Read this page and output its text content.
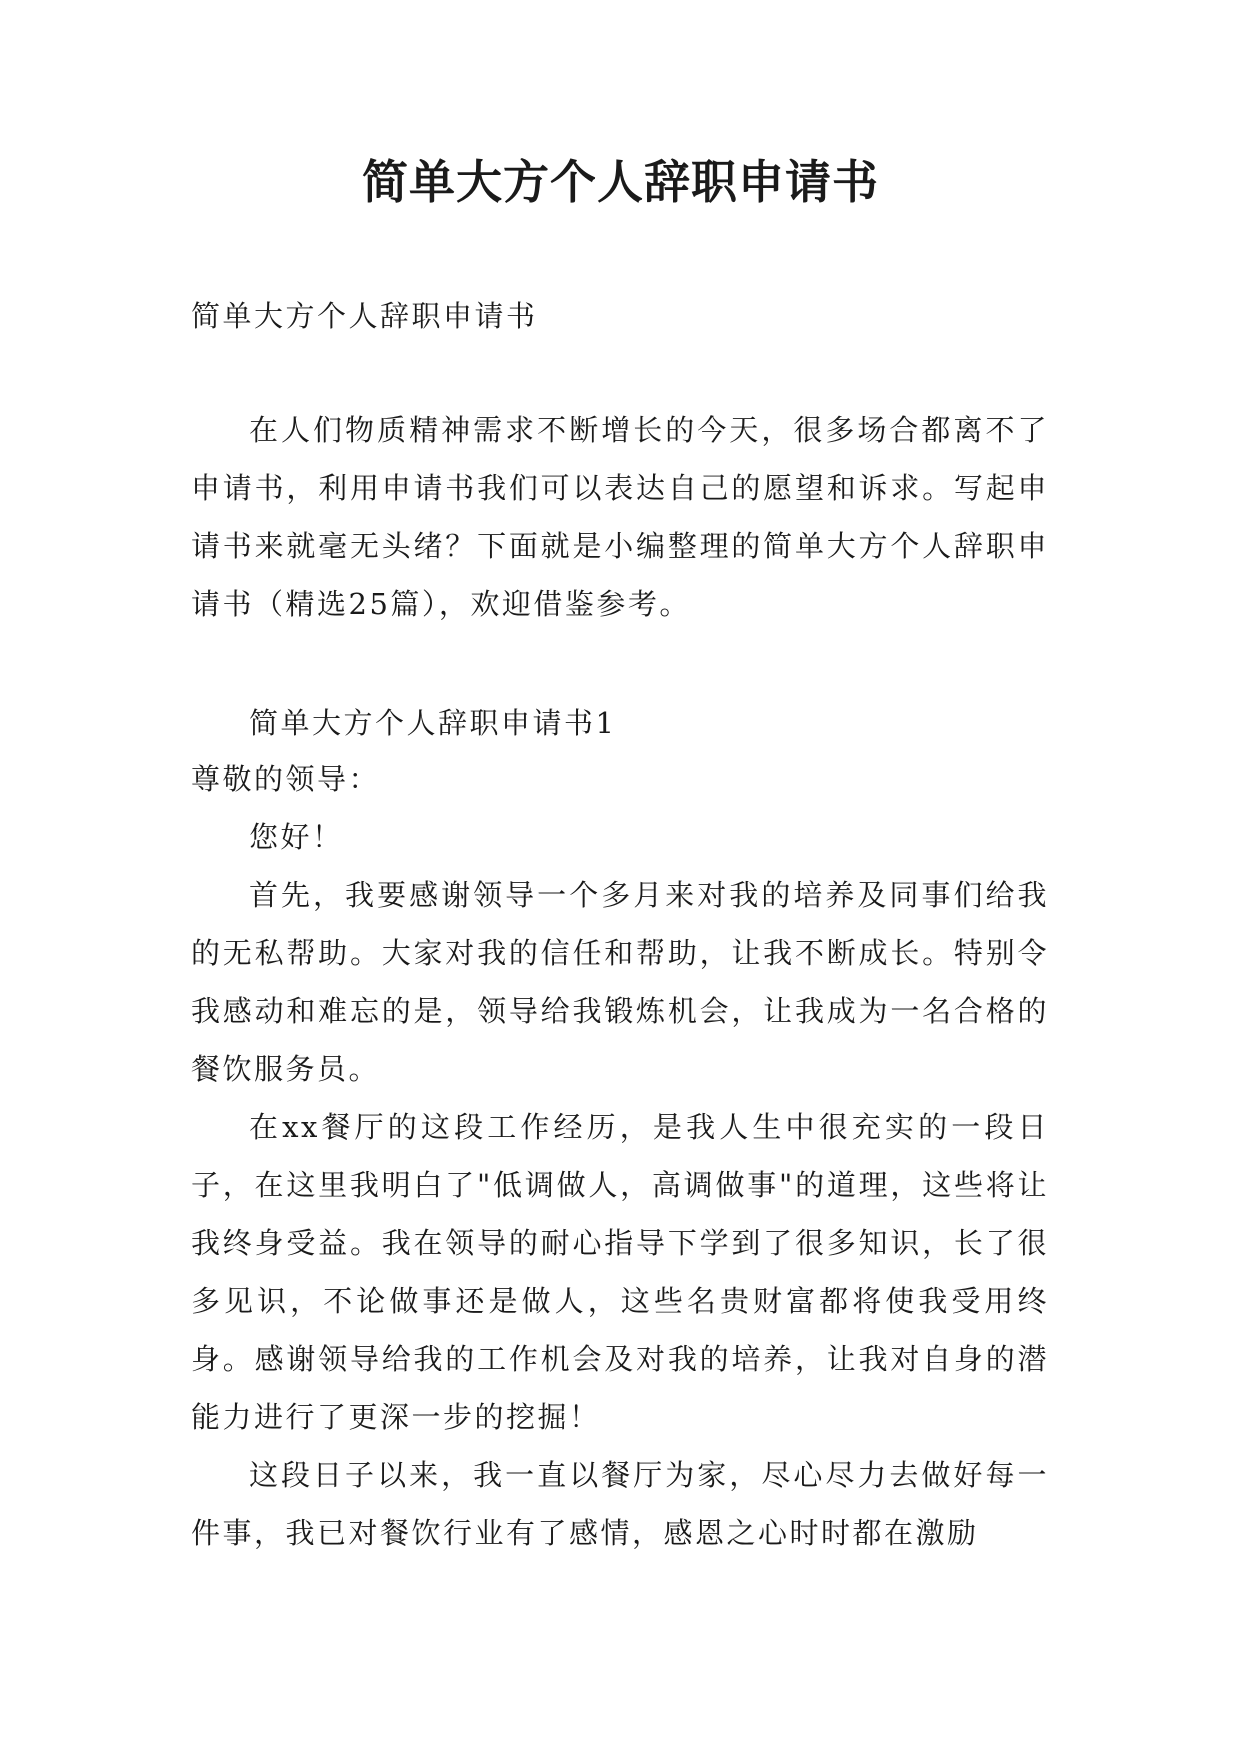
简单大方个人辞职申请书

简单大方个人辞职申请书

在人们物质精神需求不断增长的今天，很多场合都离不了申请书，利用申请书我们可以表达自己的愿望和诉求。写起申请书来就毫无头绪？下面就是小编整理的简单大方个人辞职申请书（精选25篇），欢迎借鉴参考。

简单大方个人辞职申请书1

尊敬的领导：

您好！

首先，我要感谢领导一个多月来对我的培养及同事们给我的无私帮助。大家对我的信任和帮助，让我不断成长。特别令我感动和难忘的是，领导给我锻炼机会，让我成为一名合格的餐饮服务员。

在xx餐厅的这段工作经历，是我人生中很充实的一段日子，在这里我明白了"低调做人，高调做事"的道理，这些将让我终身受益。我在领导的耐心指导下学到了很多知识，长了很多见识，不论做事还是做人，这些名贵财富都将使我受用终身。感谢领导给我的工作机会及对我的培养，让我对自身的潜能力进行了更深一步的挖掘！

这段日子以来，我一直以餐厅为家，尽心尽力去做好每一件事，我已对餐饮行业有了感情，感恩之心时时都在激励
